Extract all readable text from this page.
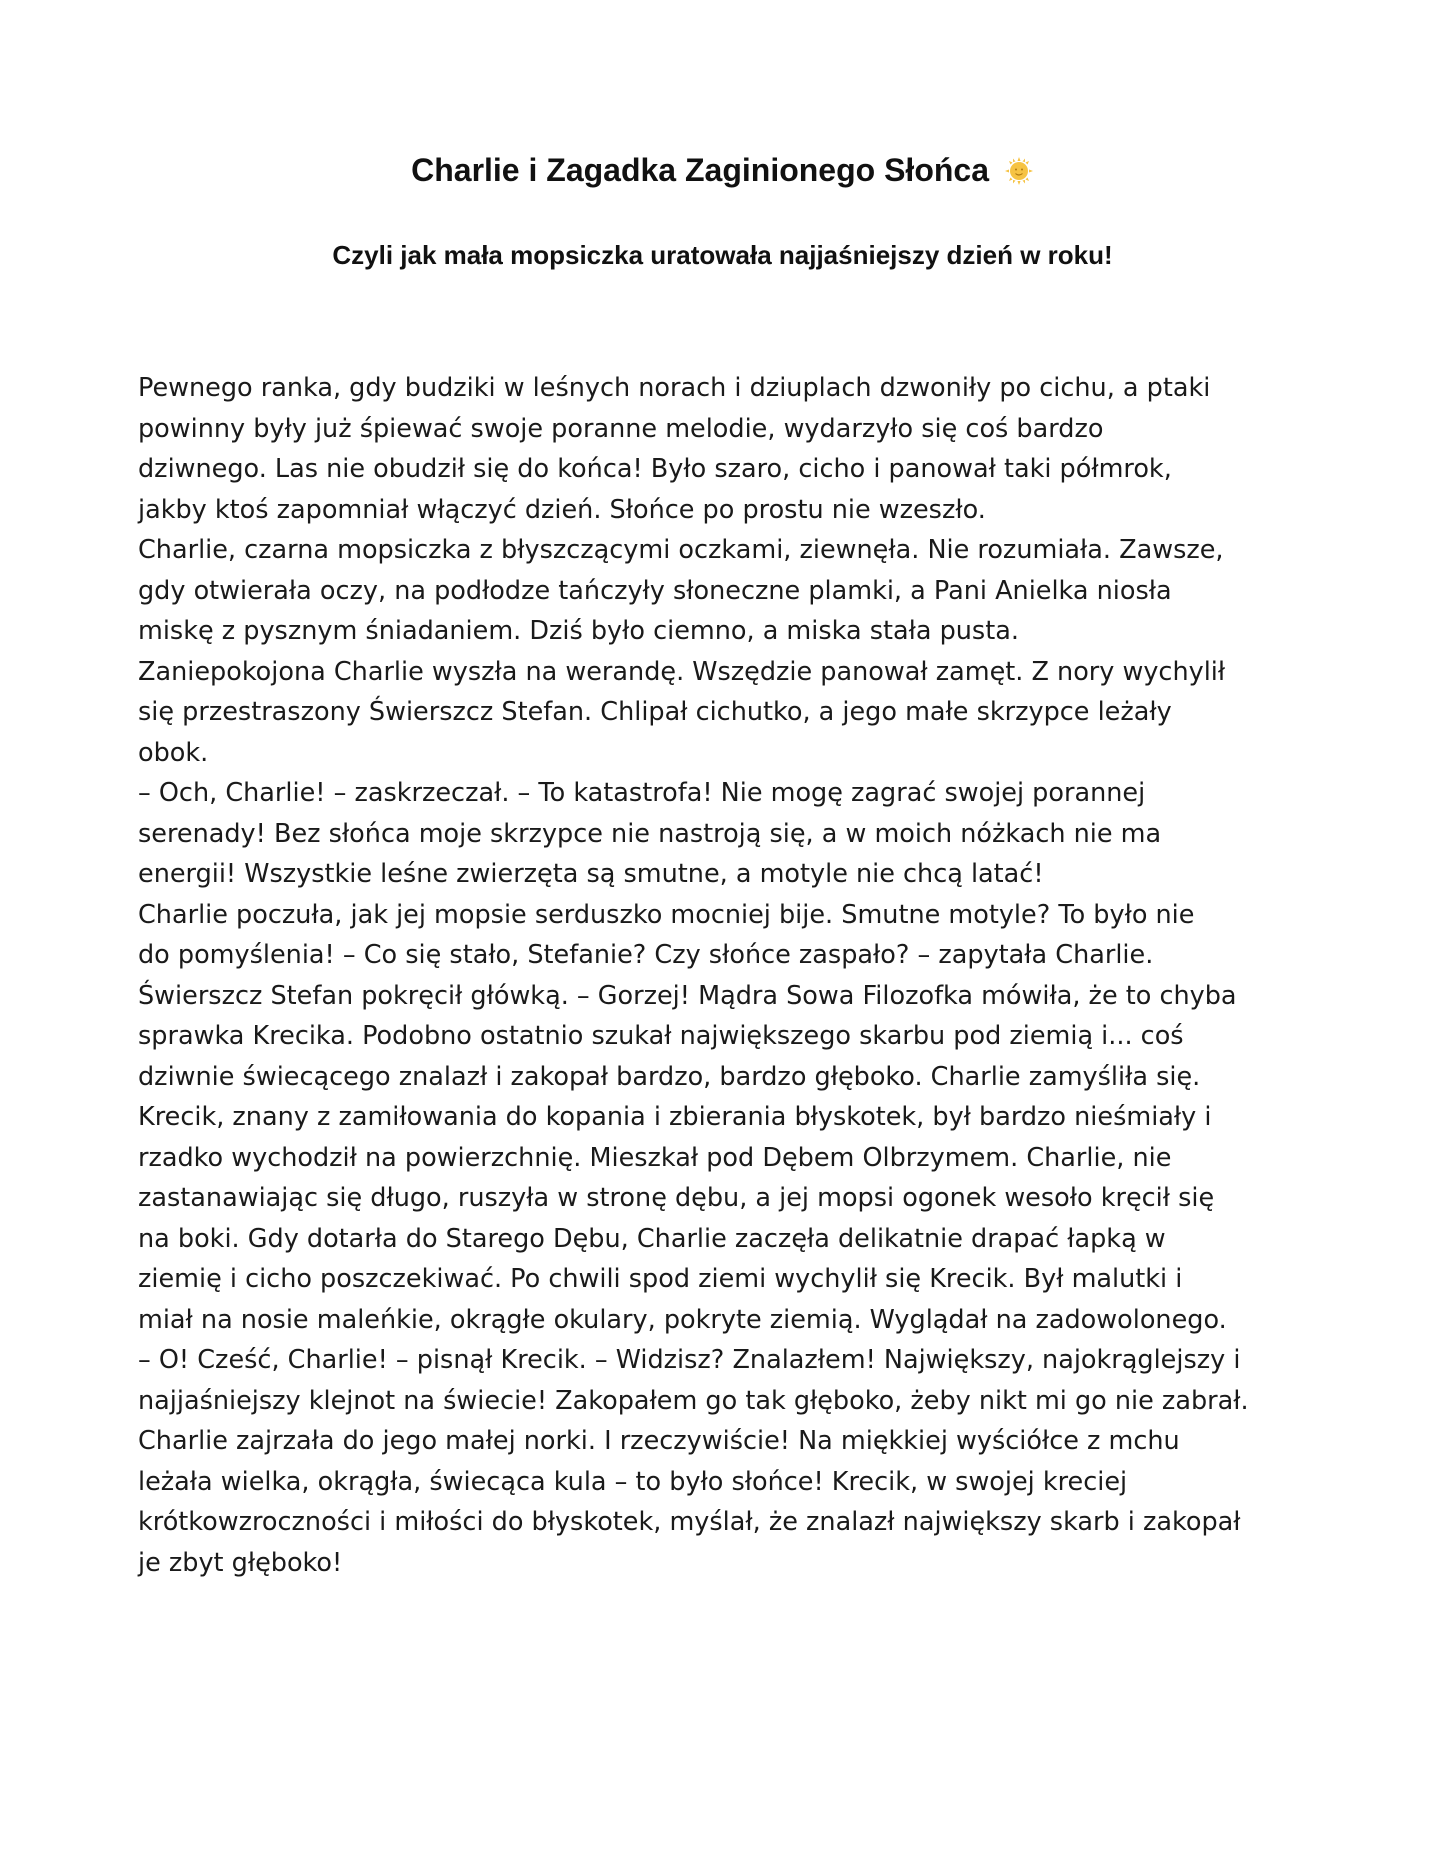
Charlie i Zagadka Zaginionego Słońca
Czyli jak mała mopsiczka uratowała najjaśniejszy dzień w roku!
Pewnego ranka, gdy budziki w leśnych norach i dziuplach dzwoniły po cichu, a ptaki
powinny były już śpiewać swoje poranne melodie, wydarzyło się coś bardzo
dziwnego. Las nie obudził się do końca! Było szaro, cicho i panował taki półmrok,
jakby ktoś zapomniał włączyć dzień. Słońce po prostu nie wzeszło.
Charlie, czarna mopsiczka z błyszczącymi oczkami, ziewnęła. Nie rozumiała. Zawsze,
gdy otwierała oczy, na podłodze tańczyły słoneczne plamki, a Pani Anielka niosła
miskę z pysznym śniadaniem. Dziś było ciemno, a miska stała pusta.
Zaniepokojona Charlie wyszła na werandę. Wszędzie panował zamęt. Z nory wychylił
się przestraszony Świerszcz Stefan. Chlipał cichutko, a jego małe skrzypce leżały
obok.
– Och, Charlie! – zaskrzeczał. – To katastrofa! Nie mogę zagrać swojej porannej
serenady! Bez słońca moje skrzypce nie nastroją się, a w moich nóżkach nie ma
energii! Wszystkie leśne zwierzęta są smutne, a motyle nie chcą latać!
Charlie poczuła, jak jej mopsie serduszko mocniej bije. Smutne motyle? To było nie
do pomyślenia! – Co się stało, Stefanie? Czy słońce zaspało? – zapytała Charlie.
Świerszcz Stefan pokręcił główką. – Gorzej! Mądra Sowa Filozofka mówiła, że to chyba
sprawka Krecika. Podobno ostatnio szukał największego skarbu pod ziemią i... coś
dziwnie świecącego znalazł i zakopał bardzo, bardzo głęboko. Charlie zamyśliła się.
Krecik, znany z zamiłowania do kopania i zbierania błyskotek, był bardzo nieśmiały i
rzadko wychodził na powierzchnię. Mieszkał pod Dębem Olbrzymem. Charlie, nie
zastanawiając się długo, ruszyła w stronę dębu, a jej mopsi ogonek wesoło kręcił się
na boki. Gdy dotarła do Starego Dębu, Charlie zaczęła delikatnie drapać łapką w
ziemię i cicho poszczekiwać. Po chwili spod ziemi wychylił się Krecik. Był malutki i
miał na nosie maleńkie, okrągłe okulary, pokryte ziemią. Wyglądał na zadowolonego.
– O! Cześć, Charlie! – pisnął Krecik. – Widzisz? Znalazłem! Największy, najokrąglejszy i
najjaśniejszy klejnot na świecie! Zakopałem go tak głęboko, żeby nikt mi go nie zabrał.
Charlie zajrzała do jego małej norki. I rzeczywiście! Na miękkiej wyściółce z mchu
leżała wielka, okrągła, świecąca kula – to było słońce! Krecik, w swojej kreciej
krótkowzroczności i miłości do błyskotek, myślał, że znalazł największy skarb i zakopał
je zbyt głęboko!
